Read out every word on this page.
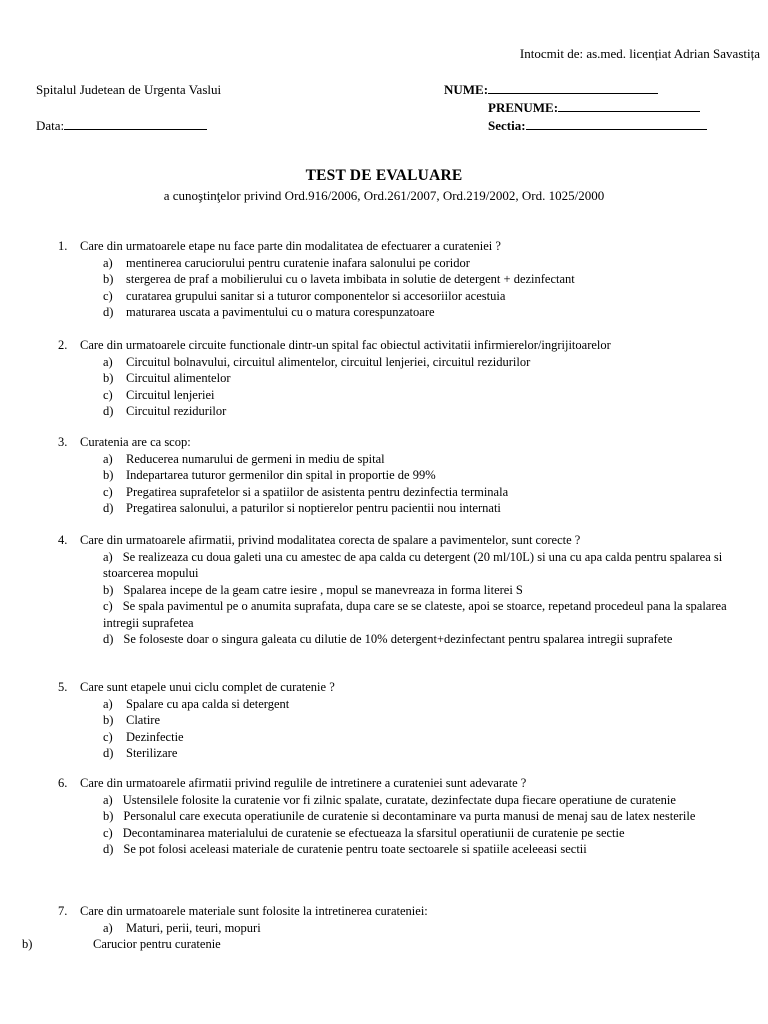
Intocmit de: as.med. licențiat Adrian Savastița
Spitalul Judetean de Urgenta Vaslui
Data:
NUME:
PRENUME:
Sectia:
TEST DE EVALUARE
a cunoştinţelor privind Ord.916/2006, Ord.261/2007, Ord.219/2002, Ord. 1025/2000
1. Care din urmatoarele etape nu face parte din modalitatea de efectuarer a curateniei ?
a) mentinerea caruciorului pentru curatenie inafara salonului pe coridor
b) stergerea de praf a mobilierului cu o laveta imbibata in solutie de detergent + dezinfectant
c) curatarea grupului sanitar si a tuturor componentelor si accesoriilor acestuia
d) maturarea uscata a pavimentului cu o matura corespunzatoare
2. Care din urmatoarele circuite functionale dintr-un spital fac obiectul activitatii infirmierelor/ingrijitoarelor
a) Circuitul bolnavului, circuitul alimentelor, circuitul lenjeriei, circuitul rezidurilor
b) Circuitul alimentelor
c) Circuitul lenjeriei
d) Circuitul rezidurilor
3. Curatenia are ca scop:
a) Reducerea numarului de germeni in mediu de spital
b) Indepartarea tuturor germenilor din spital in proportie de 99%
c) Pregatirea suprafetelor si a spatiilor de asistenta pentru dezinfectia terminala
d) Pregatirea salonului, a paturilor si noptierelor pentru pacientii nou internati
4. Care din urmatoarele afirmatii, privind modalitatea corecta de spalare a pavimentelor, sunt corecte ?
a) Se realizeaza cu doua galeti una cu amestec de apa calda cu detergent (20 ml/10L) si una cu apa calda pentru spalarea si stoarcerea mopului
b) Spalarea incepe de la geam catre iesire , mopul se manevreaza in forma literei S
c) Se spala pavimentul pe o anumita suprafata, dupa care se se clateste, apoi se stoarce, repetand procedeul pana la spalarea intregii suprafetea
d) Se foloseste doar o singura galeata cu dilutie de 10% detergent+dezinfectant pentru spalarea intregii suprafete
5. Care sunt etapele unui ciclu complet de curatenie ?
a) Spalare cu apa calda si detergent
b) Clatire
c) Dezinfectie
d) Sterilizare
6. Care din urmatoarele afirmatii privind regulile de intretinere a curateniei sunt adevarate ?
a) Ustensilele folosite la curatenie vor fi zilnic spalate, curatate, dezinfectate dupa fiecare operatiune de curatenie
b) Personalul care executa operatiunile de curatenie si decontaminare va purta manusi de menaj sau de latex nesterile
c) Decontaminarea materialului de curatenie se efectueaza la sfarsitul operatiunii de curatenie pe sectie
d) Se pot folosi aceleasi materiale de curatenie pentru toate sectoarele si spatiile aceleeasi sectii
7. Care din urmatoarele materiale sunt folosite la intretinerea curateniei:
a) Maturi, perii, teuri, mopuri
b)	Carucior pentru curatenie
